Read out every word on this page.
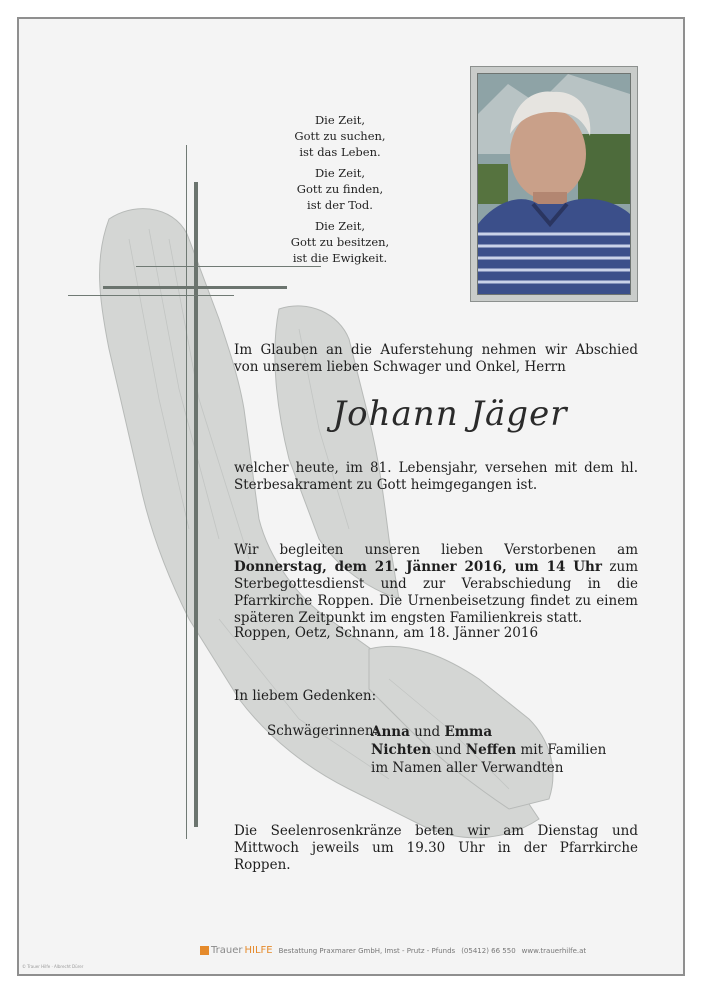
Die Zeit,
Gott zu suchen,
ist das Leben.
Die Zeit,
Gott zu finden,
ist der Tod.
Die Zeit,
Gott zu besitzen,
ist die Ewigkeit.
Im Glauben an die Auferstehung nehmen wir Abschied von unserem lieben Schwager und Onkel, Herrn
Johann Jäger
welcher heute, im 81. Lebensjahr, versehen mit dem hl. Sterbesakrament zu Gott heimgegangen ist.
Wir begleiten unseren lieben Verstorbenen am Donnerstag, dem 21. Jänner 2016, um 14 Uhr zum Sterbegottesdienst und zur Verabschiedung in die Pfarrkirche Roppen. Die Urnenbeisetzung findet zu einem späteren Zeitpunkt im engsten Familienkreis statt.
Roppen, Oetz, Schnann, am 18. Jänner 2016
In liebem Gedenken:
Schwägerinnen:
Anna und Emma
Nichten und Neffen mit Familien
im Namen aller Verwandten
Die Seelenrosenkränze beten wir am Dienstag und Mittwoch jeweils um 19.30 Uhr in der Pfarrkirche Roppen.
Trauer HILFE Bestattung Praxmarer GmbH, Imst - Prutz - Pfunds (05412) 66 550 www.trauerhilfe.at
© Trauer Hilfe · Albrecht Dürer
